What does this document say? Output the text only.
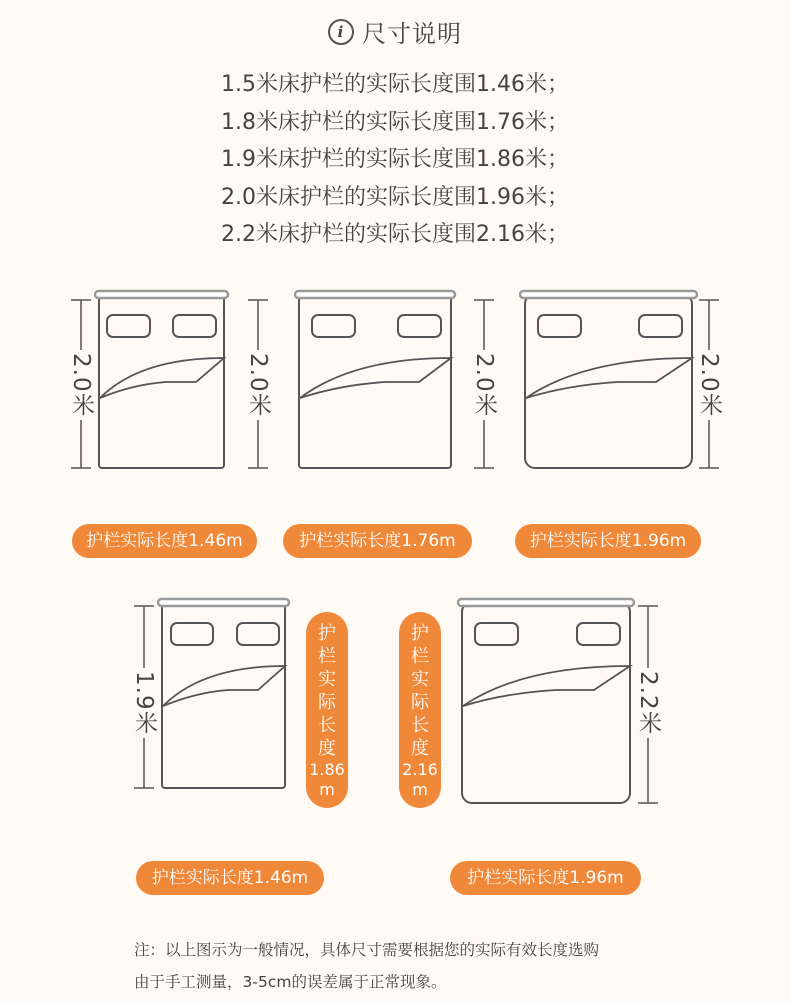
i 尺寸说明
1.5米床护栏的实际长度围1.46米；
1.8米床护栏的实际长度围1.76米；
1.9米床护栏的实际长度围1.86米；
2.0米床护栏的实际长度围1.96米；
2.2米床护栏的实际长度围2.16米；
2.0米	2.0米	2.0米	2.0米
1.9米	2.2米
护栏实际长度1.46m	护栏实际长度1.76m	护栏实际长度1.96m
护栏实际长度1.46m	护栏实际长度1.96m
护栏实际长度
1.86m
护栏实际长度
2.16m
注：以上图示为一般情况，具体尺寸需要根据您的实际有效长度选购
由于手工测量，3-5cm的误差属于正常现象。
